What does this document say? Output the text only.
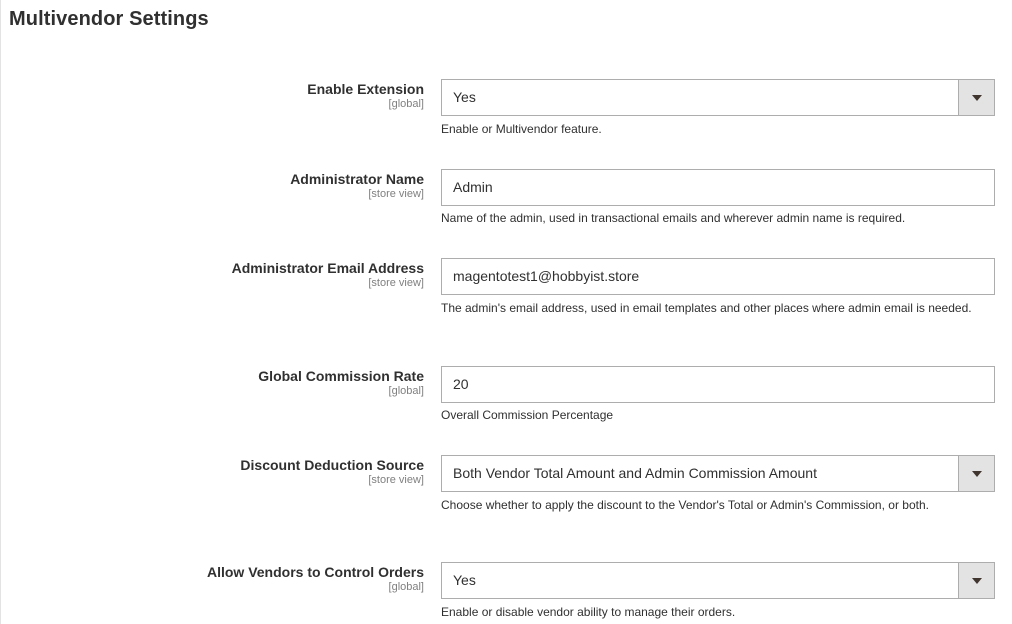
Multivendor Settings
Enable Extension
[global] Yes
Enable or Multivendor feature.
Administrator Name
[store view] Admin
Name of the admin, used in transactional emails and wherever admin name is required.
Administrator Email Address
[store view] magentotest1@hobbyist.store
The admin's email address, used in email templates and other places where admin email is needed.
Global Commission Rate
[global] 20
Overall Commission Percentage
Discount Deduction Source
[store view] Both Vendor Total Amount and Admin Commission Amount
Choose whether to apply the discount to the Vendor's Total or Admin's Commission, or both.
Allow Vendors to Control Orders
[global] Yes
Enable or disable vendor ability to manage their orders.
